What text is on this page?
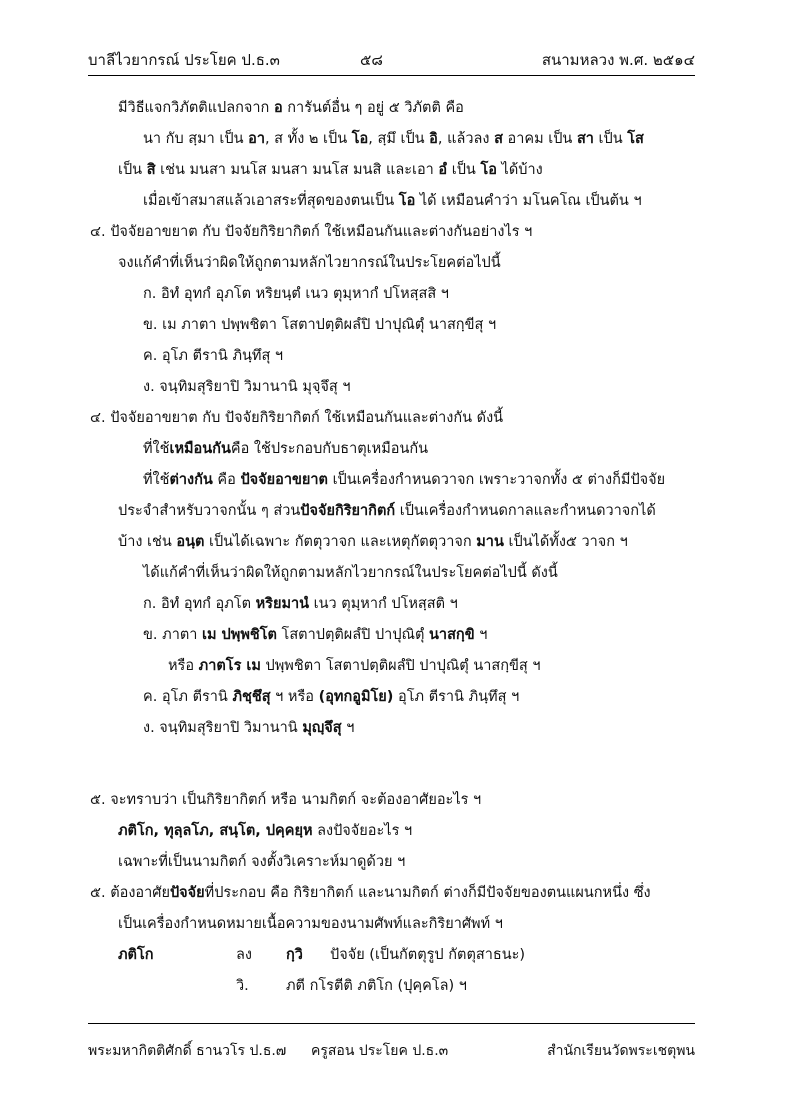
บาลีไวยากรณ์ ประโยค ป.ธ.๓	๕๘	สนามหลวง พ.ศ. ๒๕๑๔
มีวิธีแจกวิภัตติแปลกจาก อ การันต์อื่น ๆ อยู่ ๕ วิภัตติ คือ
นา กับ สฺมา เป็น อา, ส ทั้ง ๒ เป็น โอ, สฺมึ เป็น อิ, แล้วลง ส อาคม เป็น สา เป็น โส
เป็น สิ เช่น มนสา มนโส มนสา มนโส มนสิ และเอา อํ เป็น โอ ได้บ้าง
เมื่อเข้าสมาสแล้วเอาสระที่สุดของตนเป็น โอ ได้ เหมือนคำว่า มโนคโณ เป็นต้น ฯ
๔. ปัจจัยอาขยาต กับ ปัจจัยกิริยากิตก์ ใช้เหมือนกันและต่างกันอย่างไร ฯ
จงแก้คำที่เห็นว่าผิดให้ถูกตามหลักไวยากรณ์ในประโยคต่อไปนี้
ก. อิทํ อุทกํ อุภโต หริยนฺตํ เนว ตุมฺหากํ ปโหสฺสสิ ฯ
ข. เม ภาตา ปพฺพชิตา โสตาปตฺติผลํปิ ปาปุณิตุํ นาสกฺขีสุ ฯ
ค. อุโภ ตีรานิ ภินฺทึสุ ฯ
ง. จนฺทิมสุริยาปิ วิมานานิ มุจฺจึสุ ฯ
๔. ปัจจัยอาขยาต กับ ปัจจัยกิริยากิตก์ ใช้เหมือนกันและต่างกัน ดังนี้
ที่ใช้เหมือนกันคือ ใช้ประกอบกับธาตุเหมือนกัน
ที่ใช้ต่างกัน คือ ปัจจัยอาขยาต เป็นเครื่องกำหนดวาจก เพราะวาจกทั้ง ๕ ต่างก็มีปัจจัย
ประจำสำหรับวาจกนั้น ๆ ส่วนปัจจัยกิริยากิตก์ เป็นเครื่องกำหนดกาลและกำหนดวาจกได้
บ้าง เช่น อนฺต เป็นได้เฉพาะ กัตตุวาจก และเหตุกัตตุวาจก มาน เป็นได้ทั้ง๕ วาจก ฯ
ได้แก้คำที่เห็นว่าผิดให้ถูกตามหลักไวยากรณ์ในประโยคต่อไปนี้ ดังนี้
ก. อิทํ อุทกํ อุภโต หริยมานํ เนว ตุมฺหากํ ปโหสฺสติ ฯ
ข. ภาตา เม ปพฺพชิโต โสตาปตฺติผลํปิ ปาปุณิตุํ นาสกฺขิ ฯ
หรือ ภาตโร เม ปพฺพชิตา โสตาปตฺติผลํปิ ปาปุณิตุํ นาสกฺขีสุ ฯ
ค. อุโภ ตีรานิ ภิชฺชึสุ ฯ หรือ (อุทกอูมิโย) อุโภ ตีรานิ ภินฺทึสุ ฯ
ง. จนฺทิมสุริยาปิ วิมานานิ มุญฺจึสุ ฯ
๕. จะทราบว่า เป็นกิริยากิตก์ หรือ นามกิตก์ จะต้องอาศัยอะไร ฯ
ภติโก, ทุลฺลโภ, สนฺโต, ปคฺคยฺห ลงปัจจัยอะไร ฯ
เฉพาะที่เป็นนามกิตก์ จงตั้งวิเคราะห์มาดูด้วย ฯ
๕. ต้องอาศัยปัจจัยที่ประกอบ คือ กิริยากิตก์ และนามกิตก์ ต่างก็มีปัจจัยของตนแผนกหนึ่ง ซึ่ง
เป็นเครื่องกำหนดหมายเนื้อความของนามศัพท์และกิริยาศัพท์ ฯ
ภติโก	ลง กฺวิ ปัจจัย (เป็นกัตตุรูป กัตตุสาธนะ)
วิ.	ภตี กโรตีติ ภติโก (ปุคฺคโล) ฯ
พระมหากิตติศักดิ์ ธานวโร ป.ธ.๗ ครูสอน ประโยค ป.ธ.๓	สำนักเรียนวัดพระเชตุพน
